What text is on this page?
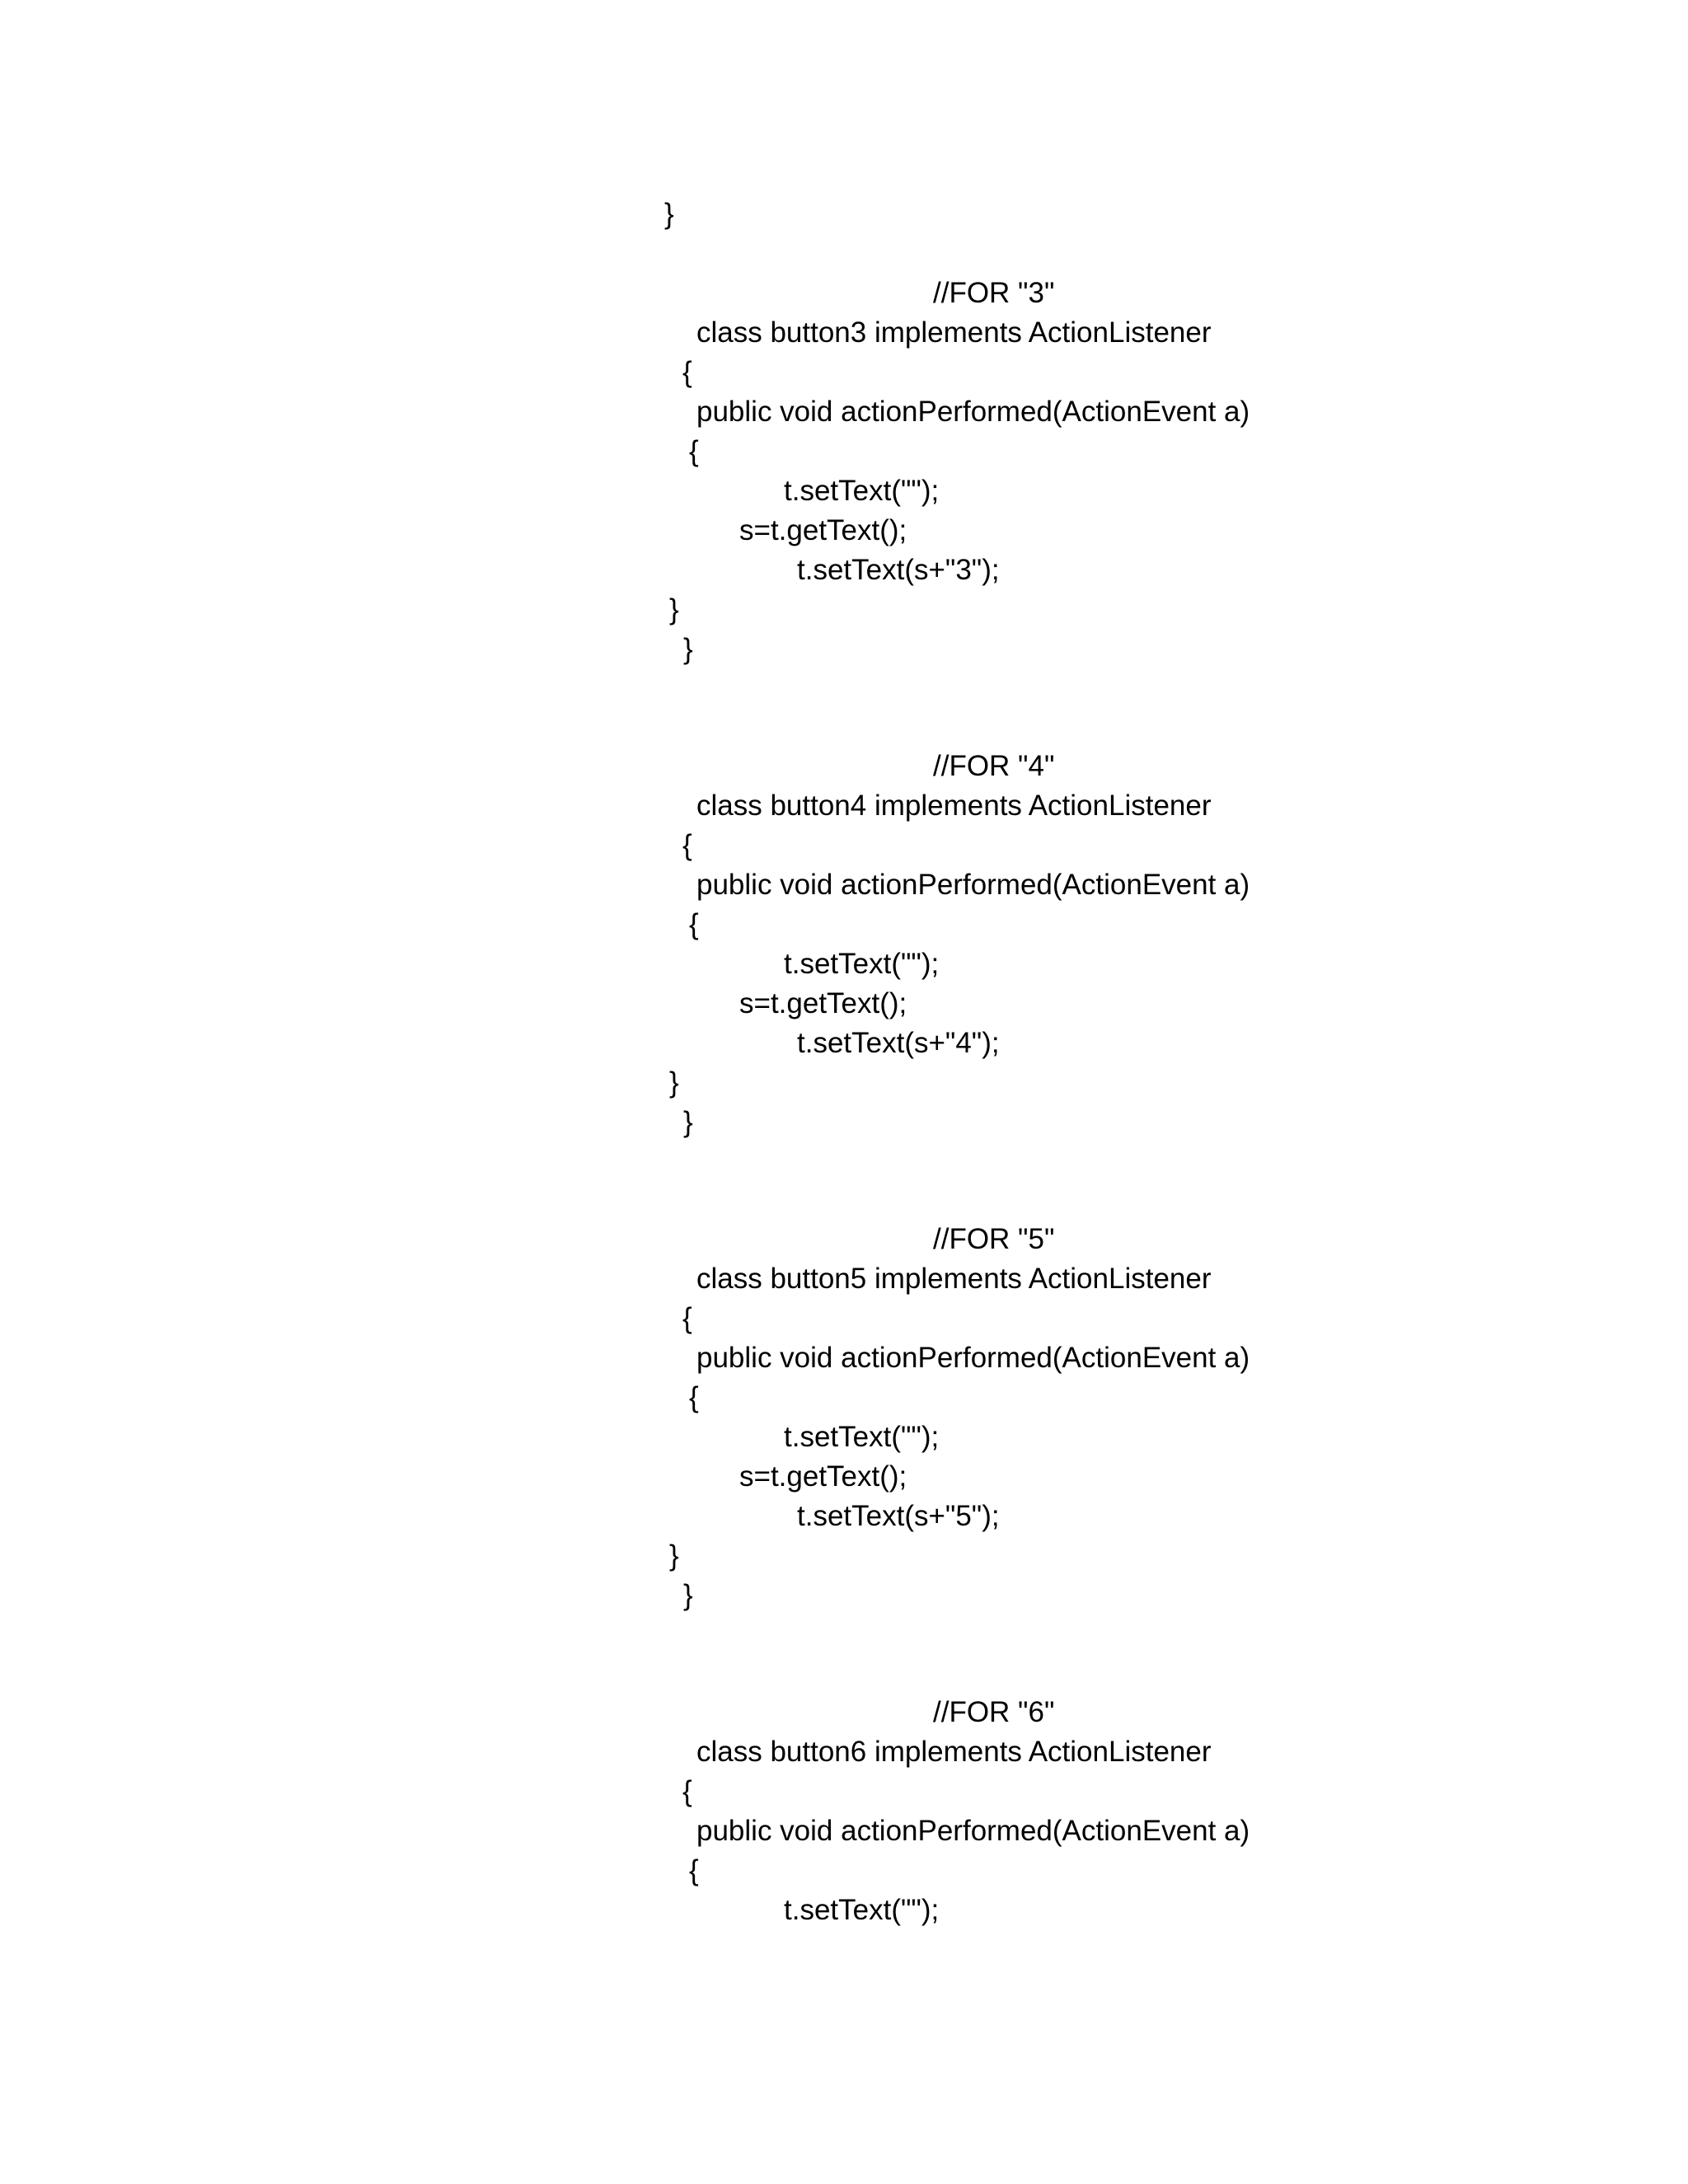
}
//FOR "3"
class button3 implements ActionListener
{
public void actionPerformed(ActionEvent a)
{
t.setText("");
s=t.getText();
t.setText(s+"3");
}
}
//FOR "4"
class button4 implements ActionListener
{
public void actionPerformed(ActionEvent a)
{
t.setText("");
s=t.getText();
t.setText(s+"4");
}
}
//FOR "5"
class button5 implements ActionListener
{
public void actionPerformed(ActionEvent a)
{
t.setText("");
s=t.getText();
t.setText(s+"5");
}
}
//FOR "6"
class button6 implements ActionListener
{
public void actionPerformed(ActionEvent a)
{
t.setText("");
